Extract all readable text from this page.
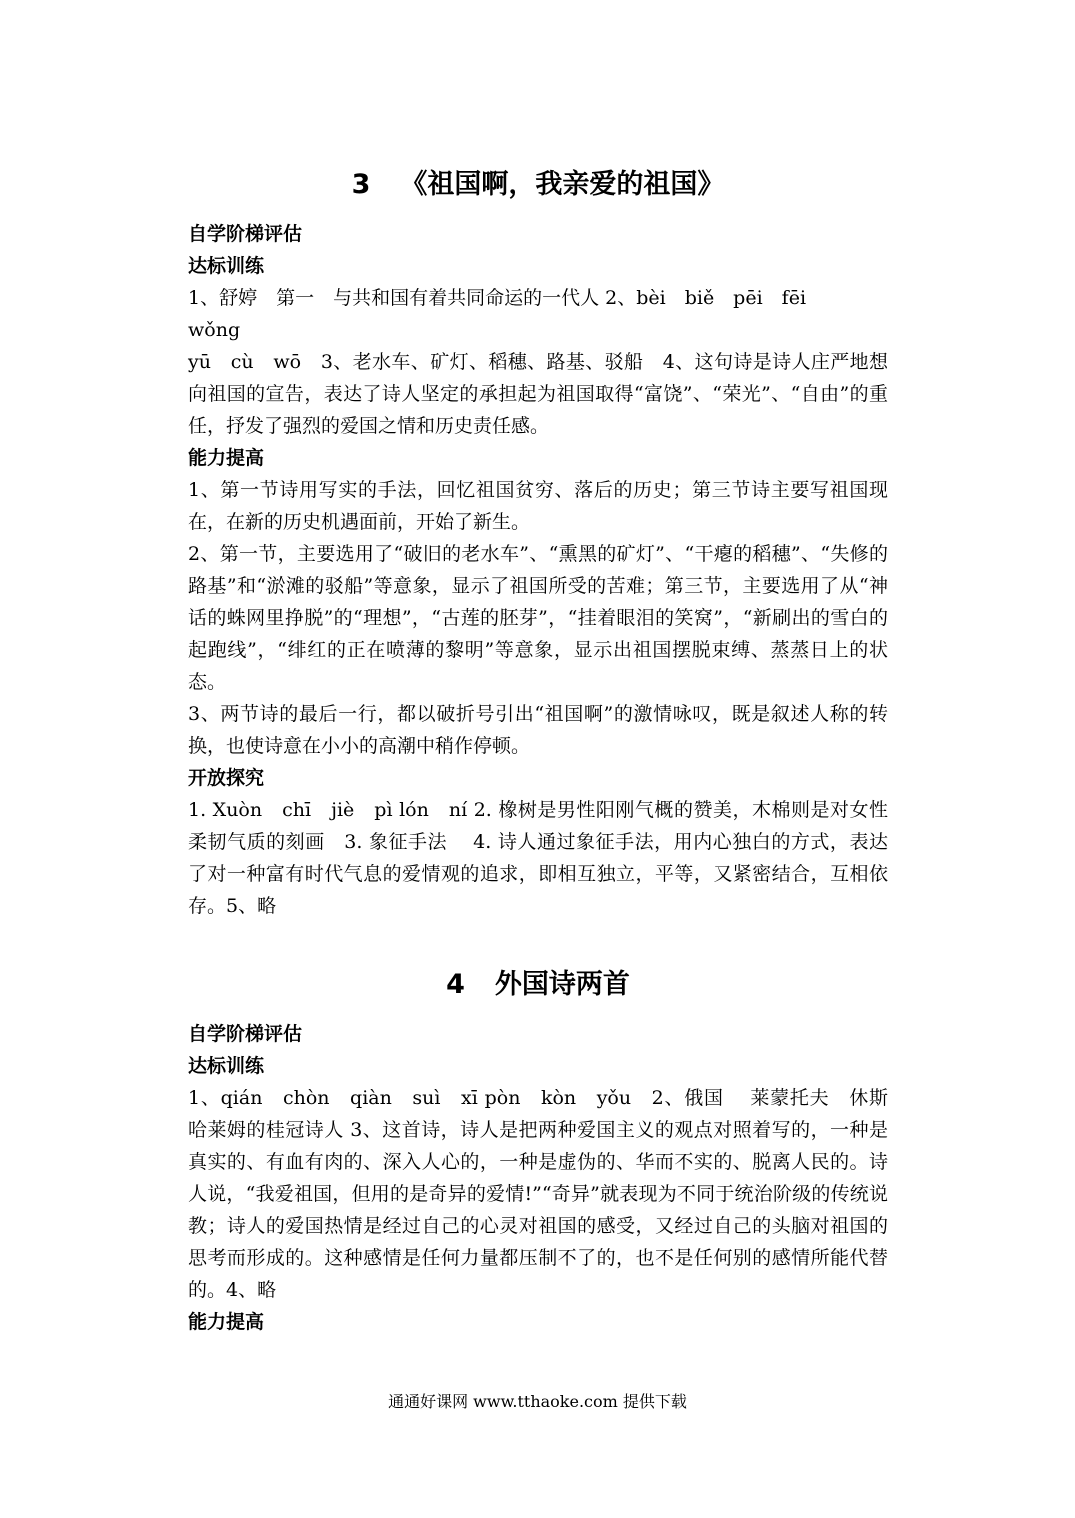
3 《祖国啊，我亲爱的祖国》
自学阶梯评估
达标训练

1、舒婷　第一　与共和国有着共同命运的一代人 2、bèi　biě　pēi　fēi

wǒng

yū　cù　wō　3、老水车、矿灯、稻穗、路基、驳船　4、这句诗是诗人庄严地想向祖国的宣告，表达了诗人坚定的承担起为祖国取得“富饶”、“荣光”、“自由”的重任，抒发了强烈的爱国之情和历史责任感。

能力提高

1、第一节诗用写实的手法，回忆祖国贫穷、落后的历史；第三节诗主要写祖国现在，在新的历史机遇面前，开始了新生。

2、第一节，主要选用了“破旧的老水车”、“熏黑的矿灯”、“干瘪的稻穗”、“失修的路基”和“淤滩的驳船”等意象，显示了祖国所受的苦难；第三节，主要选用了从“神话的蛛网里挣脱”的“理想”，“古莲的胚芽”，“挂着眼泪的笑窝”，“新刷出的雪白的起跑线”，“绯红的正在喷薄的黎明”等意象，显示出祖国摆脱束缚、蒸蒸日上的状态。

3、两节诗的最后一行，都以破折号引出“祖国啊”的激情咏叹，既是叙述人称的转换，也使诗意在小小的高潮中稍作停顿。

开放探究

1. Xuòn　chī　jiè　pì lón　ní 2. 橡树是男性阳刚气概的赞美，木棉则是对女性柔韧气质的刻画　3. 象征手法　 4. 诗人通过象征手法，用内心独白的方式，表达了对一种富有时代气息的爱情观的追求，即相互独立，平等，又紧密结合，互相依存。5、略

4 外国诗两首
自学阶梯评估
达标训练

1、qián　chòn　qiàn　suì　xī pòn　kòn　yǒu　2、俄国　 莱蒙托夫　休斯　哈莱姆的桂冠诗人 3、这首诗，诗人是把两种爱国主义的观点对照着写的，一种是真实的、有血有肉的、深入人心的，一种是虚伪的、华而不实的、脱离人民的。诗人说，“我爱祖国，但用的是奇异的爱情!”“奇异”就表现为不同于统治阶级的传统说教；诗人的爱国热情是经过自己的心灵对祖国的感受，又经过自己的头脑对祖国的思考而形成的。这种感情是任何力量都压制不了的，也不是任何别的感情所能代替的。4、略

能力提高
通通好课网 www.tthaoke.com 提供下载
